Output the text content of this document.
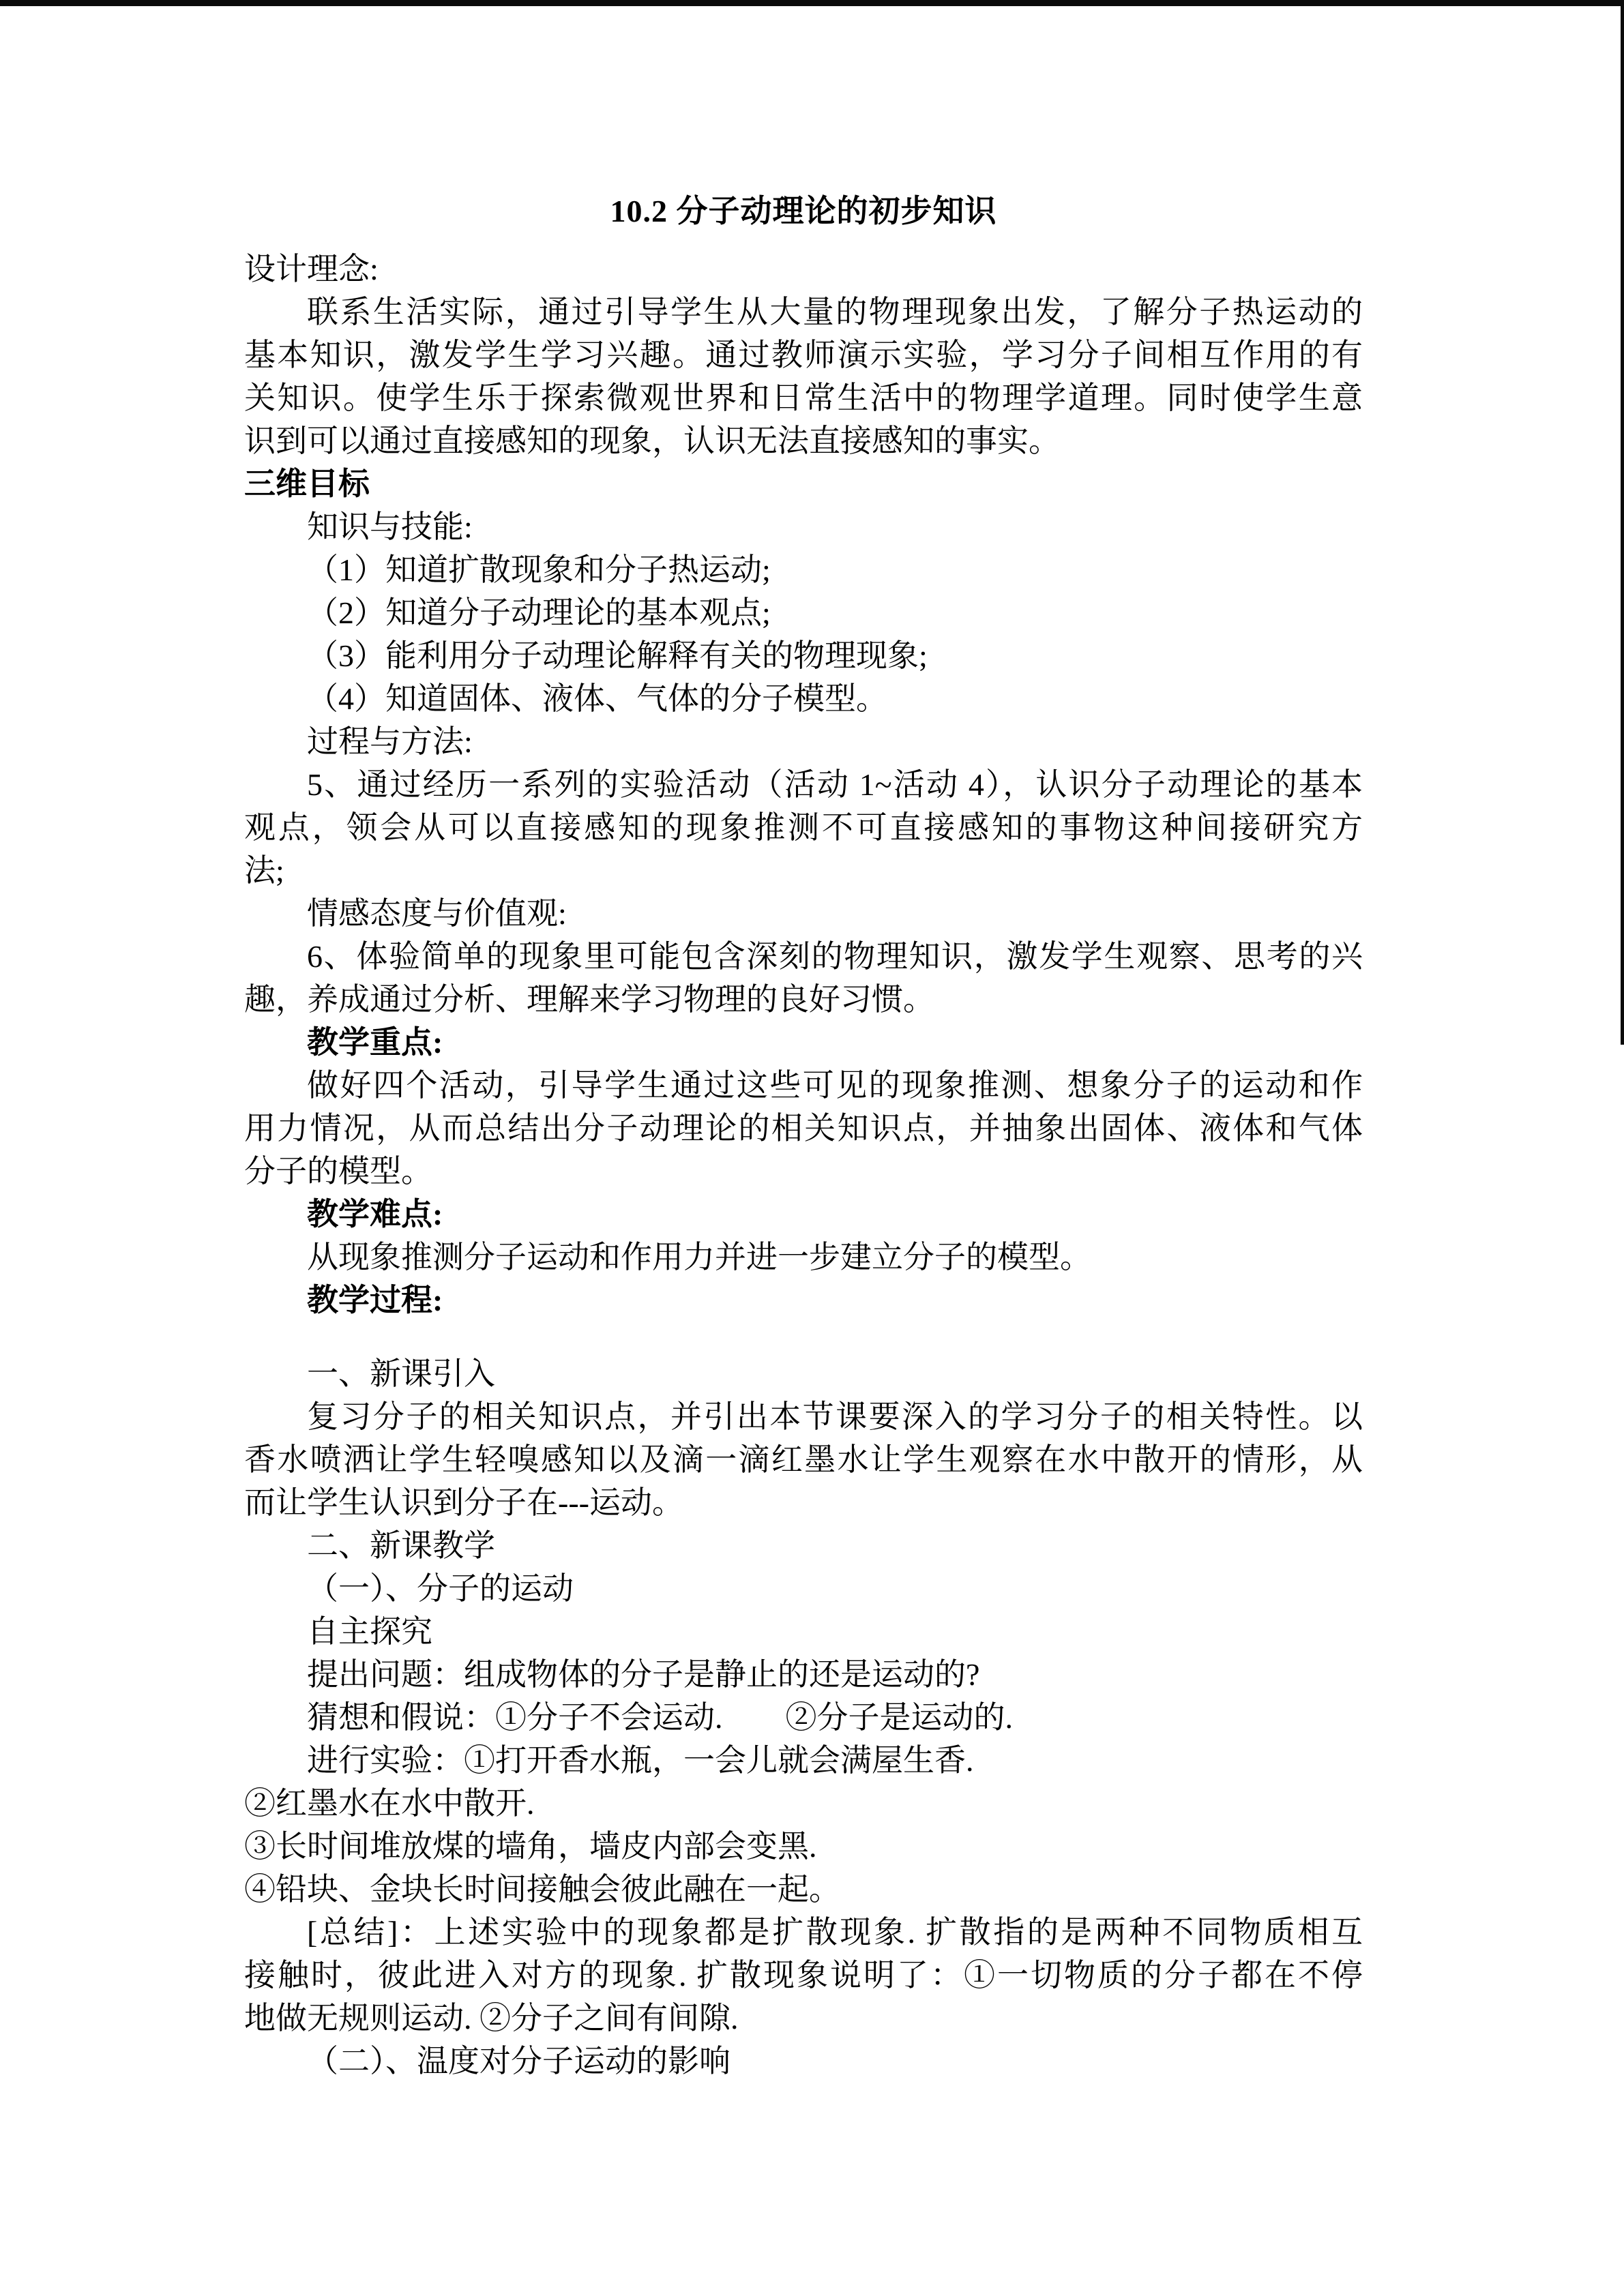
10.2 分子动理论的初步知识
设计理念:
联系生活实际，通过引导学生从大量的物理现象出发，了解分子热运动的
基本知识，激发学生学习兴趣。通过教师演示实验，学习分子间相互作用的有
关知识。使学生乐于探索微观世界和日常生活中的物理学道理。同时使学生意
识到可以通过直接感知的现象，认识无法直接感知的事实。
三维目标
知识与技能:
（1）知道扩散现象和分子热运动;
（2）知道分子动理论的基本观点;
（3）能利用分子动理论解释有关的物理现象;
（4）知道固体、液体、气体的分子模型。
过程与方法:
5、通过经历一系列的实验活动（活动 1~活动 4），认识分子动理论的基本
观点，领会从可以直接感知的现象推测不可直接感知的事物这种间接研究方
法;
情感态度与价值观:
6、体验简单的现象里可能包含深刻的物理知识，激发学生观察、思考的兴
趣，养成通过分析、理解来学习物理的良好习惯。
教学重点:
做好四个活动，引导学生通过这些可见的现象推测、想象分子的运动和作
用力情况，从而总结出分子动理论的相关知识点，并抽象出固体、液体和气体
分子的模型。
教学难点:
从现象推测分子运动和作用力并进一步建立分子的模型。
教学过程:
一、新课引入
复习分子的相关知识点，并引出本节课要深入的学习分子的相关特性。以
香水喷洒让学生轻嗅感知以及滴一滴红墨水让学生观察在水中散开的情形，从
而让学生认识到分子在---运动。
二、新课教学
（一）、分子的运动
自主探究
提出问题：组成物体的分子是静止的还是运动的?
猜想和假说：①分子不会运动.　　②分子是运动的.
进行实验：①打开香水瓶，一会儿就会满屋生香.
②红墨水在水中散开.
③长时间堆放煤的墙角，墙皮内部会变黑.
④铅块、金块长时间接触会彼此融在一起。
[总结]：上述实验中的现象都是扩散现象. 扩散指的是两种不同物质相互
接触时，彼此进入对方的现象. 扩散现象说明了：①一切物质的分子都在不停
地做无规则运动. ②分子之间有间隙.
（二）、温度对分子运动的影响
